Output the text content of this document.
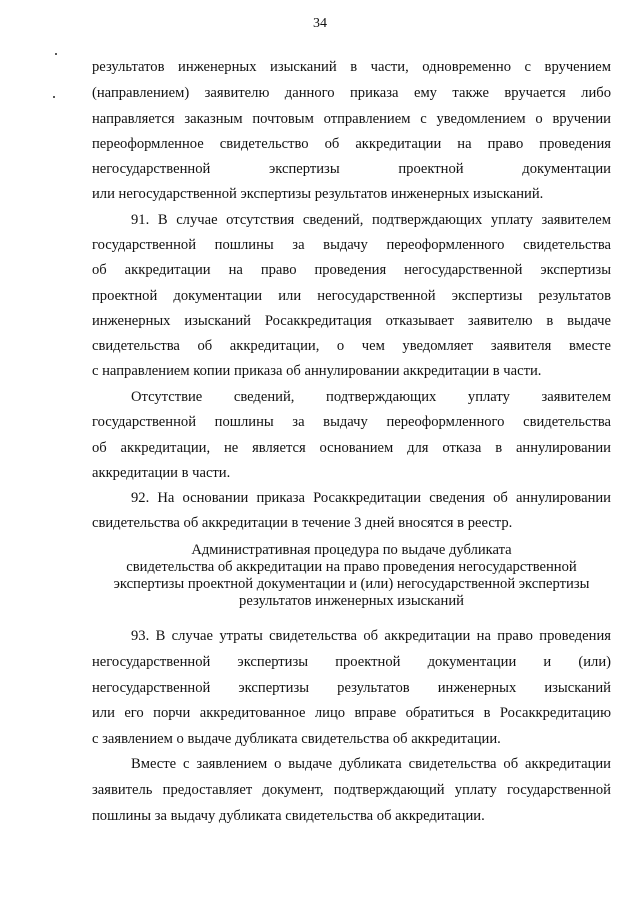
34
результатов инженерных изысканий в части, одновременно с вручением
(направлением) заявителю данного приказа ему также вручается либо
направляется заказным почтовым отправлением с уведомлением о вручении
переоформленное свидетельство об аккредитации на право проведения
негосударственной экспертизы проектной документации
или негосударственной экспертизы результатов инженерных изысканий.
91. В случае отсутствия сведений, подтверждающих уплату заявителем
государственной пошлины за выдачу переоформленного свидетельства
об аккредитации на право проведения негосударственной экспертизы
проектной документации или негосударственной экспертизы результатов
инженерных изысканий Росаккредитация отказывает заявителю в выдаче
свидетельства об аккредитации, о чем уведомляет заявителя вместе
с направлением копии приказа об аннулировании аккредитации в части.
Отсутствие сведений, подтверждающих уплату заявителем
государственной пошлины за выдачу переоформленного свидетельства
об аккредитации, не является основанием для отказа в аннулировании
аккредитации в части.
92. На основании приказа Росаккредитации сведения об аннулировании
свидетельства об аккредитации в течение 3 дней вносятся в реестр.
Административная процедура по выдаче дубликата
свидетельства об аккредитации на право проведения негосударственной
экспертизы проектной документации и (или) негосударственной экспертизы
результатов инженерных изысканий
93. В случае утраты свидетельства об аккредитации на право проведения
негосударственной экспертизы проектной документации и (или)
негосударственной экспертизы результатов инженерных изысканий
или его порчи аккредитованное лицо вправе обратиться в Росаккредитацию
с заявлением о выдаче дубликата свидетельства об аккредитации.
Вместе с заявлением о выдаче дубликата свидетельства об аккредитации
заявитель предоставляет документ, подтверждающий уплату государственной
пошлины за выдачу дубликата свидетельства об аккредитации.
